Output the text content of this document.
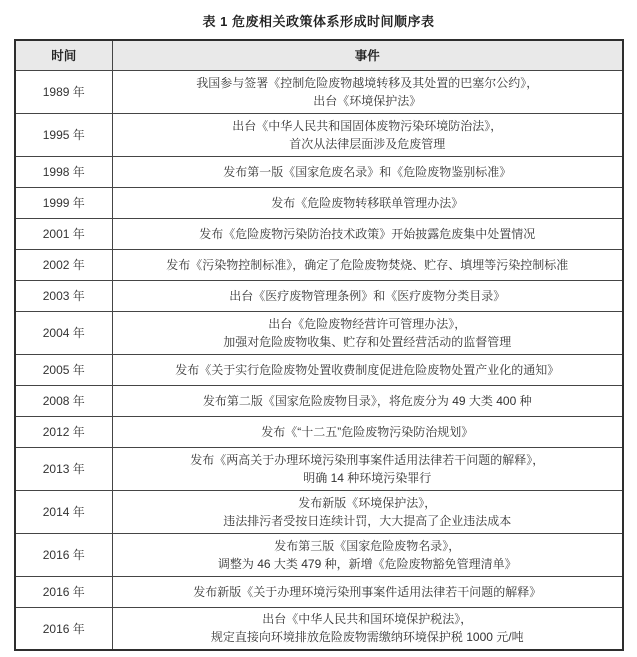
表 1 危废相关政策体系形成时间顺序表
时间	事件
1989 年	我国参与签署《控制危险废物越境转移及其处置的巴塞尔公约》，
出台《环境保护法》
1995 年	出台《中华人民共和国固体废物污染环境防治法》，
首次从法律层面涉及危废管理
1998 年	发布第一版《国家危废名录》和《危险废物鉴别标准》
1999 年	发布《危险废物转移联单管理办法》
2001 年	发布《危险废物污染防治技术政策》开始披露危废集中处置情况
2002 年	发布《污染物控制标准》，确定了危险废物焚烧、贮存、填埋等污染控制标准
2003 年	出台《医疗废物管理条例》和《医疗废物分类目录》
2004 年	出台《危险废物经营许可管理办法》，
加强对危险废物收集、贮存和处置经营活动的监督管理
2005 年	发布《关于实行危险废物处置收费制度促进危险废物处置产业化的通知》
2008 年	发布第二版《国家危险废物目录》，将危废分为 49 大类 400 种
2012 年	发布《“十二五”危险废物污染防治规划》
2013 年	发布《两高关于办理环境污染刑事案件适用法律若干问题的解释》，
明确 14 种环境污染罪行
2014 年	发布新版《环境保护法》，
违法排污者受按日连续计罚，大大提高了企业违法成本
2016 年	发布第三版《国家危险废物名录》，
调整为 46 大类 479 种，新增《危险废物豁免管理清单》
2016 年	发布新版《关于办理环境污染刑事案件适用法律若干问题的解释》
2016 年	出台《中华人民共和国环境保护税法》，
规定直接向环境排放危险废物需缴纳环境保护税 1000 元/吨
